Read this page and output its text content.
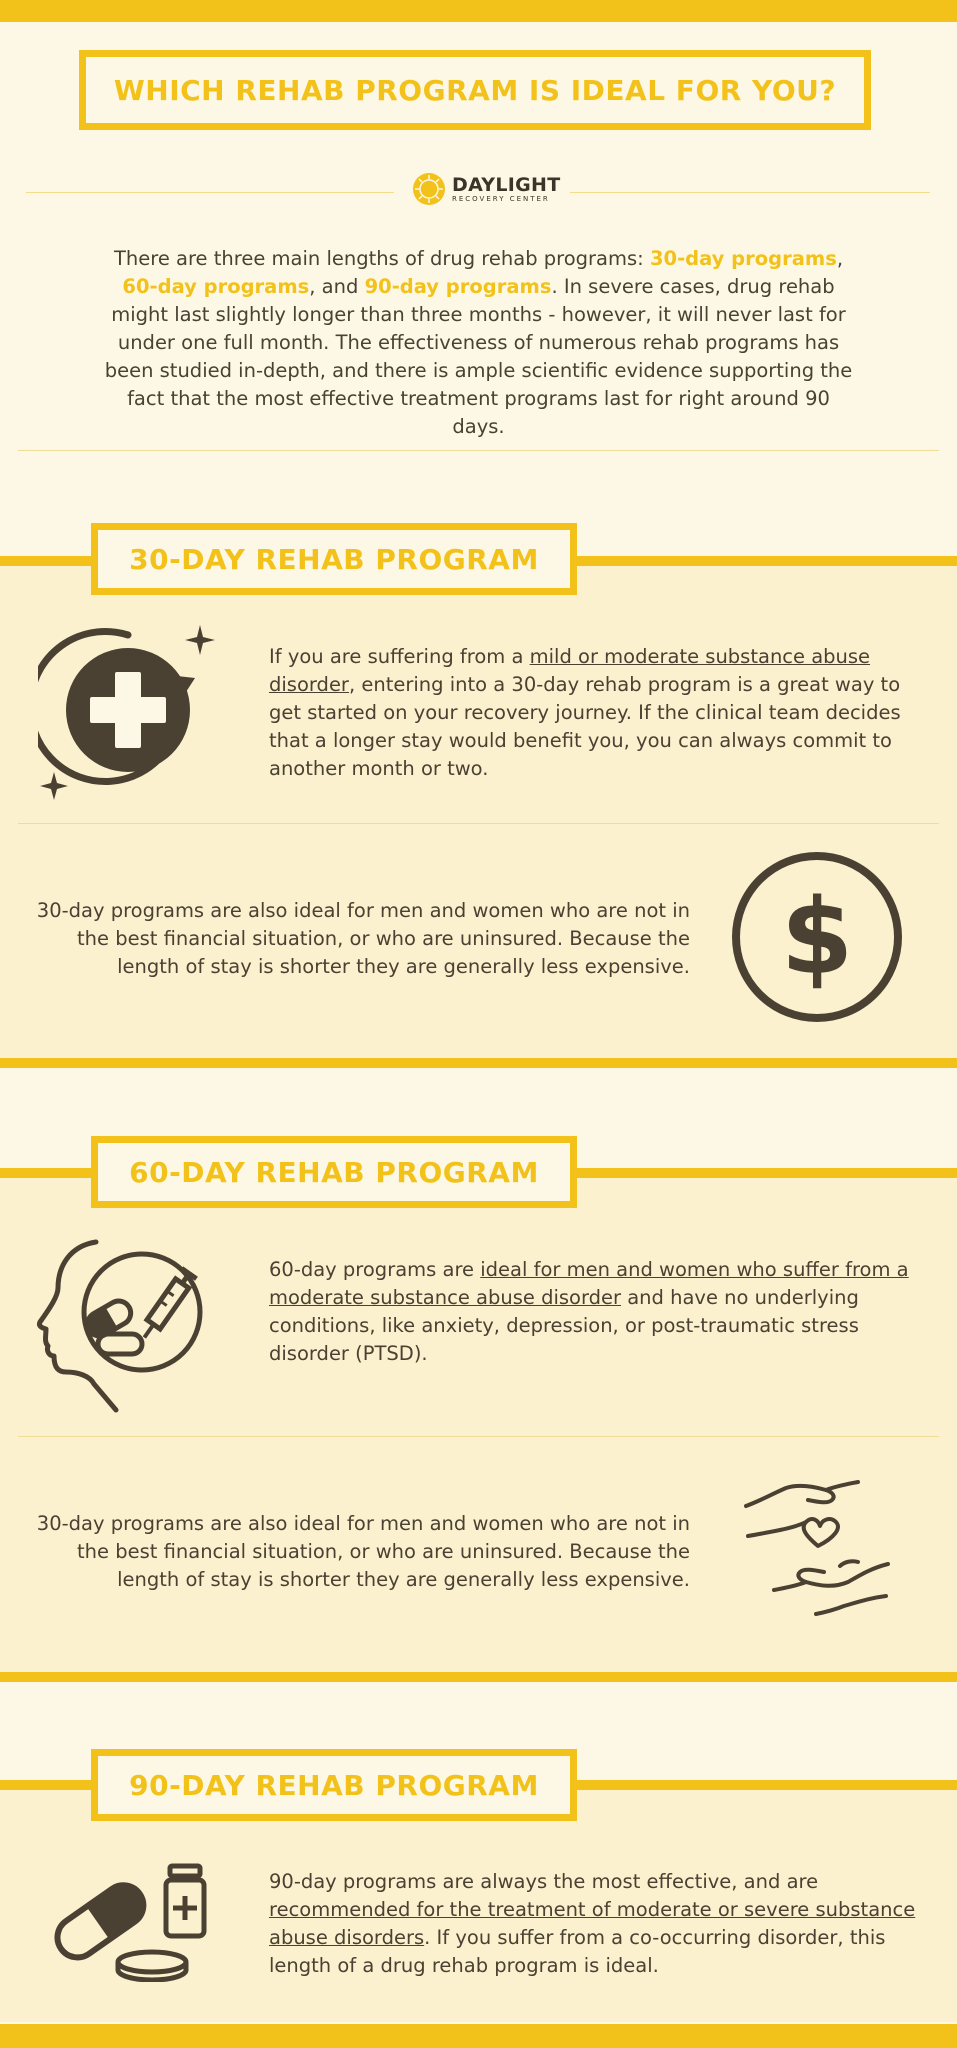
WHICH REHAB PROGRAM IS IDEAL FOR YOU?
DAYLIGHT
RECOVERY CENTER
There are three main lengths of drug rehab programs: 30-day programs, 60-day programs, and 90-day programs. In severe cases, drug rehab might last slightly longer than three months - however, it will never last for under one full month. The effectiveness of numerous rehab programs has been studied in-depth, and there is ample scientific evidence supporting the fact that the most effective treatment programs last for right around 90 days.
30-DAY REHAB PROGRAM
If you are suffering from a mild or moderate substance abuse disorder, entering into a 30-day rehab program is a great way to get started on your recovery journey. If the clinical team decides that a longer stay would benefit you, you can always commit to another month or two.
30-day programs are also ideal for men and women who are not in the best financial situation, or who are uninsured. Because the length of stay is shorter they are generally less expensive. $
60-DAY REHAB PROGRAM
60-day programs are ideal for men and women who suffer from a moderate substance abuse disorder and have no underlying conditions, like anxiety, depression, or post-traumatic stress disorder (PTSD).
30-day programs are also ideal for men and women who are not in the best financial situation, or who are uninsured. Because the length of stay is shorter they are generally less expensive.
90-DAY REHAB PROGRAM
90-day programs are always the most effective, and are recommended for the treatment of moderate or severe substance abuse disorders. If you suffer from a co-occurring disorder, this length of a drug rehab program is ideal.
